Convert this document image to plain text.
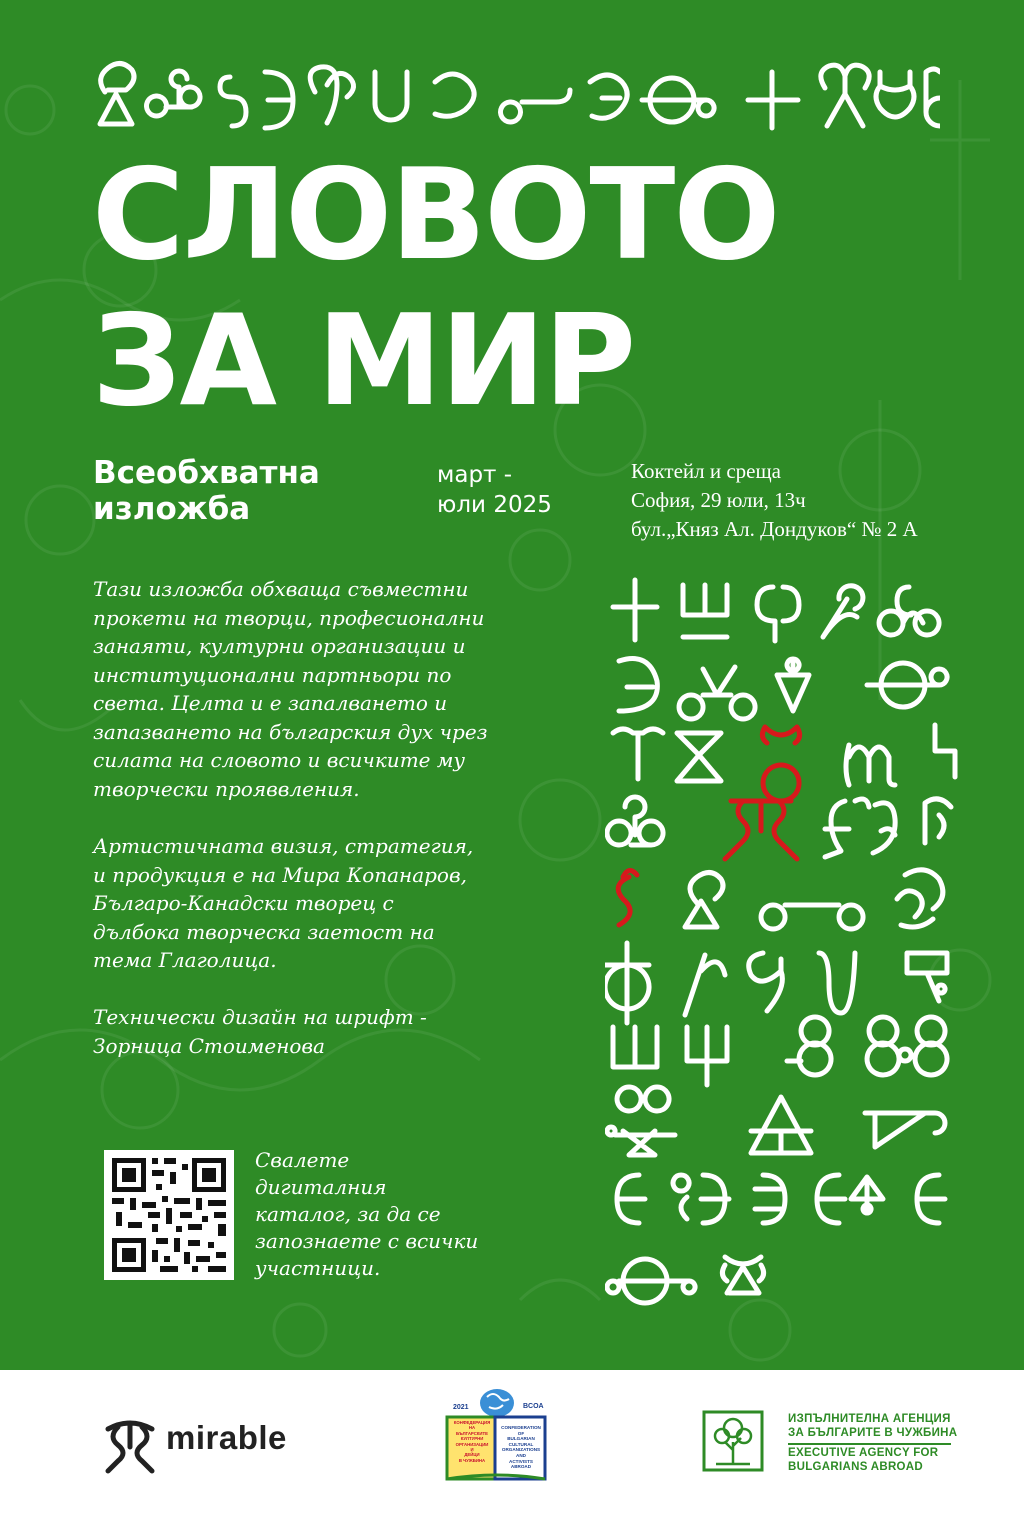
СЛОВОТО
ЗА МИР
Всеобхватна
изложба
март -
юли 2025
Коктейл и среща
София, 29 юли, 13ч
бул.„Княз Ал. Дондуков“ № 2 А

Тази изложба обхваща съвместни
прокети на творци, професионални
занаяти, културни организации и
институционални партньори по
света. Целта и е запалването и
запазването на българския дух чрез
силата на словото и всичките му
творчески прояввления.

Артистичната визия, стратегия,
и продукция е на Мира Копанаров,
Българо-Канадски творец с
дълбока творческа заетост на
тема Глаголица.

Технически дизайн на шрифт -
Зорница Стоименова

Свалете
дигиталния
каталог, за да се
запознаете с всички
участници.

mirable
2021	BCOA
КОНФЕДЕРАЦИЯ
НА
БЪЛГАРСКИТЕ
КУЛТУРНИ
ОРГАНИЗАЦИИ
И
ДЕЙЦИ
В ЧУЖБИНА
CONFEDERATION
OF
BULGARIAN
CULTURAL
ORGANIZATIONS
AND
ACTIVISTS
ABROAD
ИЗПЪЛНИТЕЛНА АГЕНЦИЯ
ЗА БЪЛГАРИТЕ В ЧУЖБИНА
EXECUTIVE AGENCY FOR
BULGARIANS ABROAD
